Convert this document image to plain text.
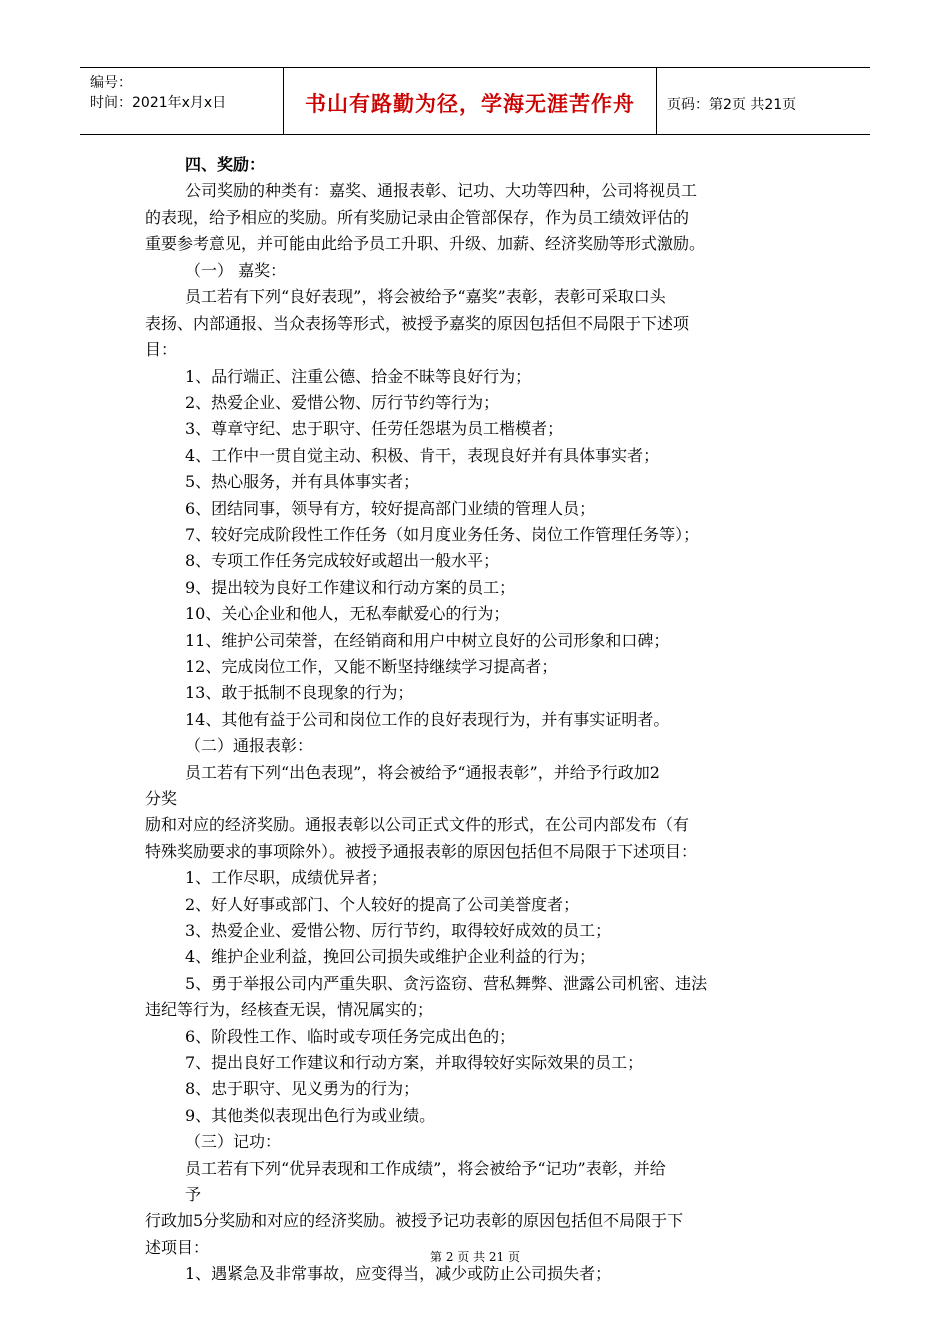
编号：
时间：2021年x月x日	书山有路勤为径，学海无涯苦作舟	页码：第2页 共21页
四、奖励：
公司奖励的种类有：嘉奖、通报表彰、记功、大功等四种，公司将视员工
的表现，给予相应的奖励。所有奖励记录由企管部保存，作为员工绩效评估的
重要参考意见，并可能由此给予员工升职、升级、加薪、经济奖励等形式激励。
（一） 嘉奖：
员工若有下列“良好表现”，将会被给予“嘉奖”表彰，表彰可采取口头
表扬、内部通报、当众表扬等形式，被授予嘉奖的原因包括但不局限于下述项
目：
1、品行端正、注重公德、拾金不昧等良好行为；
2、热爱企业、爱惜公物、厉行节约等行为；
3、尊章守纪、忠于职守、任劳任怨堪为员工楷模者；
4、工作中一贯自觉主动、积极、肯干，表现良好并有具体事实者；
5、热心服务，并有具体事实者；
6、团结同事，领导有方，较好提高部门业绩的管理人员；
7、较好完成阶段性工作任务（如月度业务任务、岗位工作管理任务等）；
8、专项工作任务完成较好或超出一般水平；
9、提出较为良好工作建议和行动方案的员工；
10、关心企业和他人，无私奉献爱心的行为；
11、维护公司荣誉，在经销商和用户中树立良好的公司形象和口碑；
12、完成岗位工作，又能不断坚持继续学习提高者；
13、敢于抵制不良现象的行为；
14、其他有益于公司和岗位工作的良好表现行为，并有事实证明者。
（二）通报表彰：
员工若有下列“出色表现”，将会被给予“通报表彰”，并给予行政加2
分奖
励和对应的经济奖励。通报表彰以公司正式文件的形式，在公司内部发布（有
特殊奖励要求的事项除外）。被授予通报表彰的原因包括但不局限于下述项目：
1、工作尽职，成绩优异者；
2、好人好事或部门、个人较好的提高了公司美誉度者；
3、热爱企业、爱惜公物、厉行节约，取得较好成效的员工；
4、维护企业利益，挽回公司损失或维护企业利益的行为；
5、勇于举报公司内严重失职、贪污盗窃、营私舞弊、泄露公司机密、违法
违纪等行为，经核查无误，情况属实的；
6、阶段性工作、临时或专项任务完成出色的；
7、提出良好工作建议和行动方案，并取得较好实际效果的员工；
8、忠于职守、见义勇为的行为；
9、其他类似表现出色行为或业绩。
（三）记功：
员工若有下列“优异表现和工作成绩”，将会被给予“记功”表彰，并给
予
行政加5分奖励和对应的经济奖励。被授予记功表彰的原因包括但不局限于下
述项目：
1、遇紧急及非常事故，应变得当，减少或防止公司损失者；
第 2 页 共 21 页
